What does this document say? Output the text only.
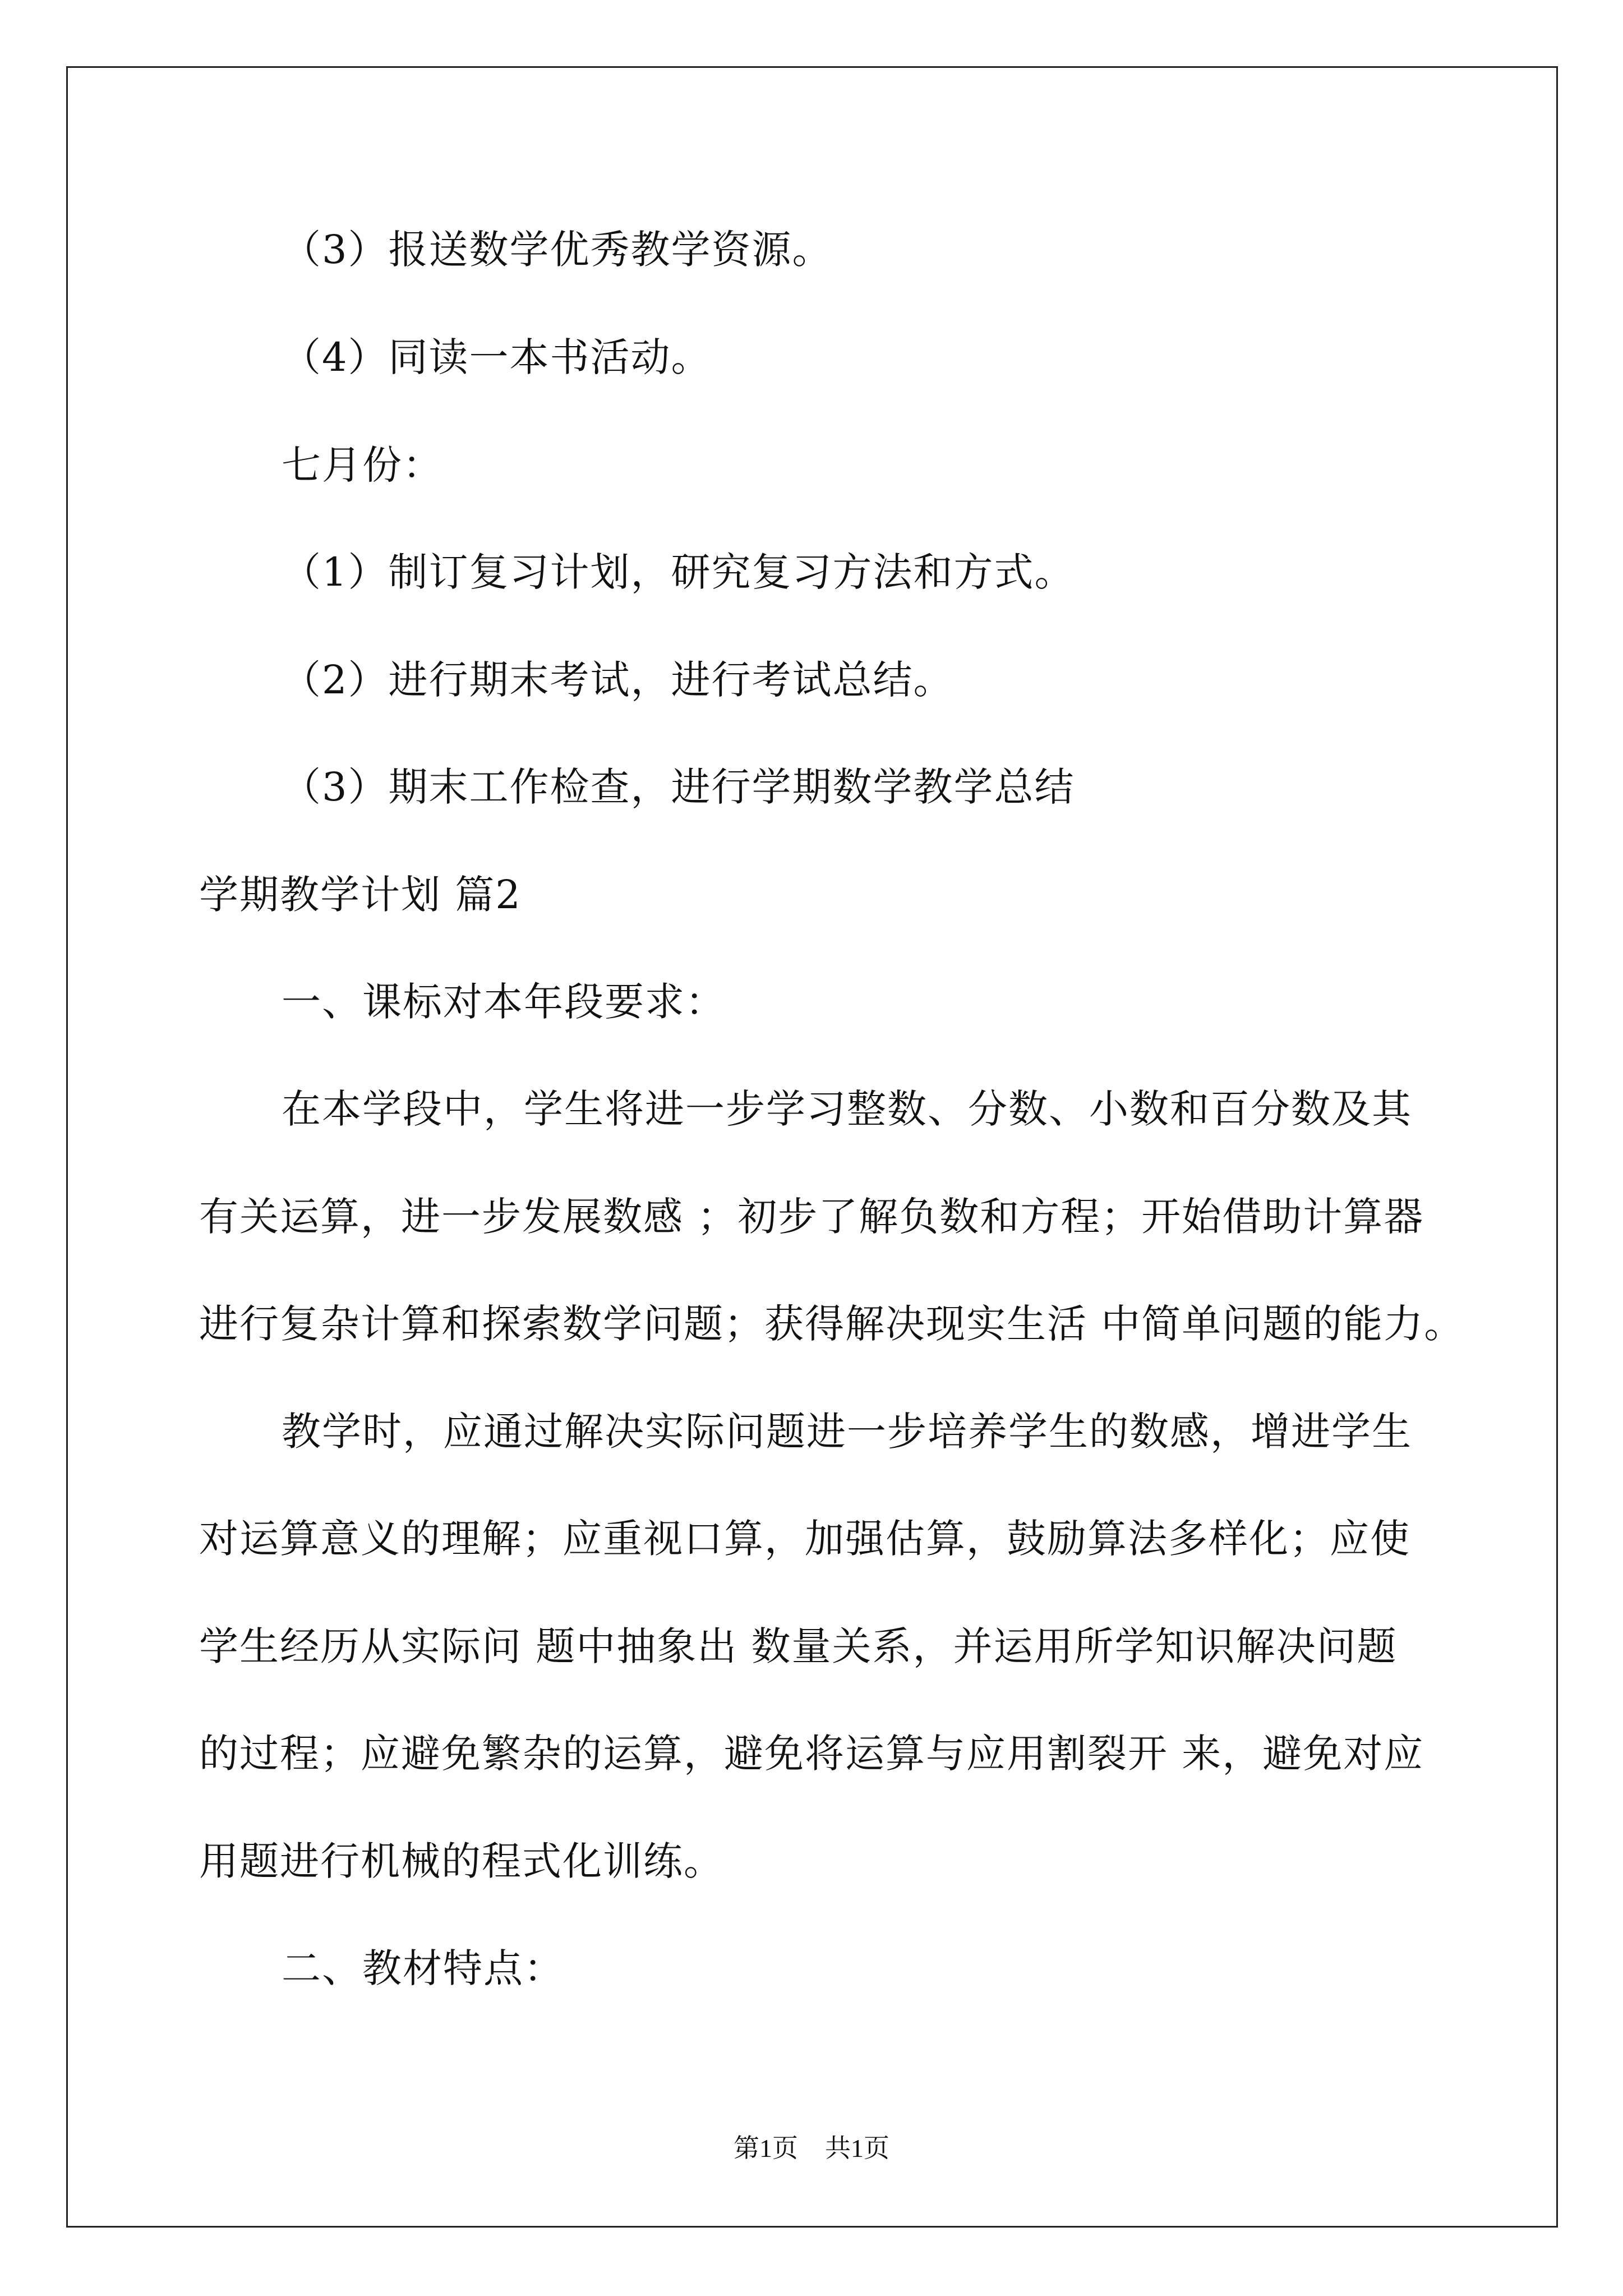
（3）报送数学优秀教学资源。
（4）同读一本书活动。
七月份：
（1）制订复习计划，研究复习方法和方式。
（2）进行期末考试，进行考试总结。
（3）期末工作检查，进行学期数学教学总结
学期教学计划 篇2
一、课标对本年段要求：
在本学段中，学生将进一步学习整数、分数、小数和百分数及其
有关运算，进一步发展数感 ；初步了解负数和方程；开始借助计算器
进行复杂计算和探索数学问题；获得解决现实生活 中简单问题的能力。
教学时，应通过解决实际问题进一步培养学生的数感，增进学生
对运算意义的理解；应重视口算，加强估算，鼓励算法多样化；应使
学生经历从实际问 题中抽象出 数量关系，并运用所学知识解决问题
的过程；应避免繁杂的运算，避免将运算与应用割裂开 来，避免对应
用题进行机械的程式化训练。
二、教材特点：
第1页 共1页
